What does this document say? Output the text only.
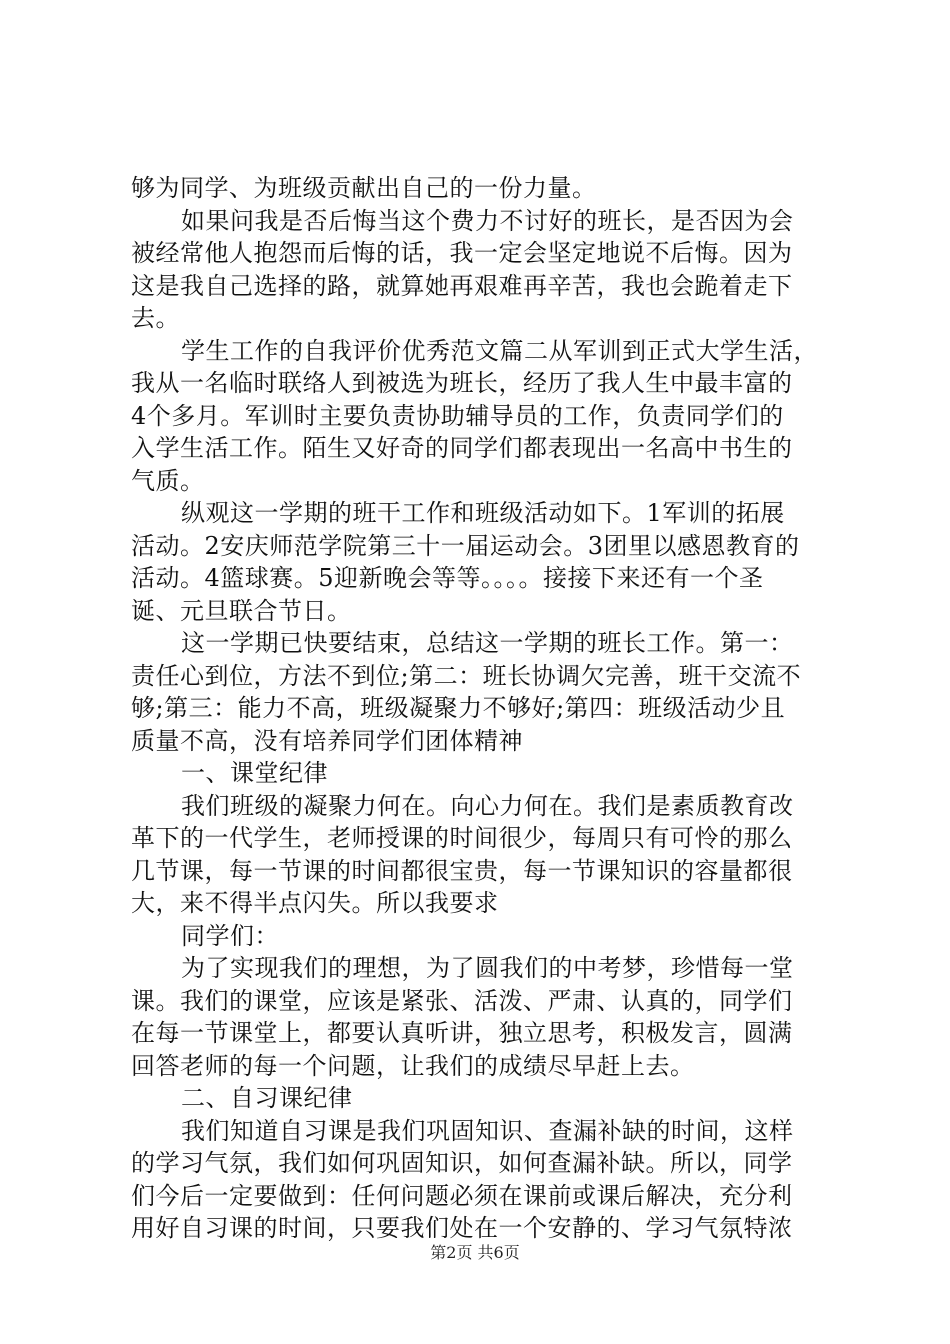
够为同学、为班级贡献出自己的一份力量。
如果问我是否后悔当这个费力不讨好的班长，是否因为会
被经常他人抱怨而后悔的话，我一定会坚定地说不后悔。因为
这是我自己选择的路，就算她再艰难再辛苦，我也会跪着走下
去。
学生工作的自我评价优秀范文篇二从军训到正式大学生活，
我从一名临时联络人到被选为班长，经历了我人生中最丰富的
4个多月。军训时主要负责协助辅导员的工作，负责同学们的
入学生活工作。陌生又好奇的同学们都表现出一名高中书生的
气质。
纵观这一学期的班干工作和班级活动如下。1军训的拓展
活动。2安庆师范学院第三十一届运动会。3团里以感恩教育的
活动。4篮球赛。5迎新晚会等等。。。。接接下来还有一个圣
诞、元旦联合节日。
这一学期已快要结束，总结这一学期的班长工作。第一：
责任心到位，方法不到位;第二：班长协调欠完善，班干交流不
够;第三：能力不高，班级凝聚力不够好;第四：班级活动少且
质量不高，没有培养同学们团体精神
一、课堂纪律
我们班级的凝聚力何在。向心力何在。我们是素质教育改
革下的一代学生，老师授课的时间很少，每周只有可怜的那么
几节课，每一节课的时间都很宝贵，每一节课知识的容量都很
大，来不得半点闪失。所以我要求
同学们：
为了实现我们的理想，为了圆我们的中考梦，珍惜每一堂
课。我们的课堂，应该是紧张、活泼、严肃、认真的，同学们
在每一节课堂上，都要认真听讲，独立思考，积极发言，圆满
回答老师的每一个问题，让我们的成绩尽早赶上去。
二、自习课纪律
我们知道自习课是我们巩固知识、查漏补缺的时间，这样
的学习气氛，我们如何巩固知识，如何查漏补缺。所以，同学
们今后一定要做到：任何问题必须在课前或课后解决，充分利
用好自习课的时间，只要我们处在一个安静的、学习气氛特浓
第2页 共6页
